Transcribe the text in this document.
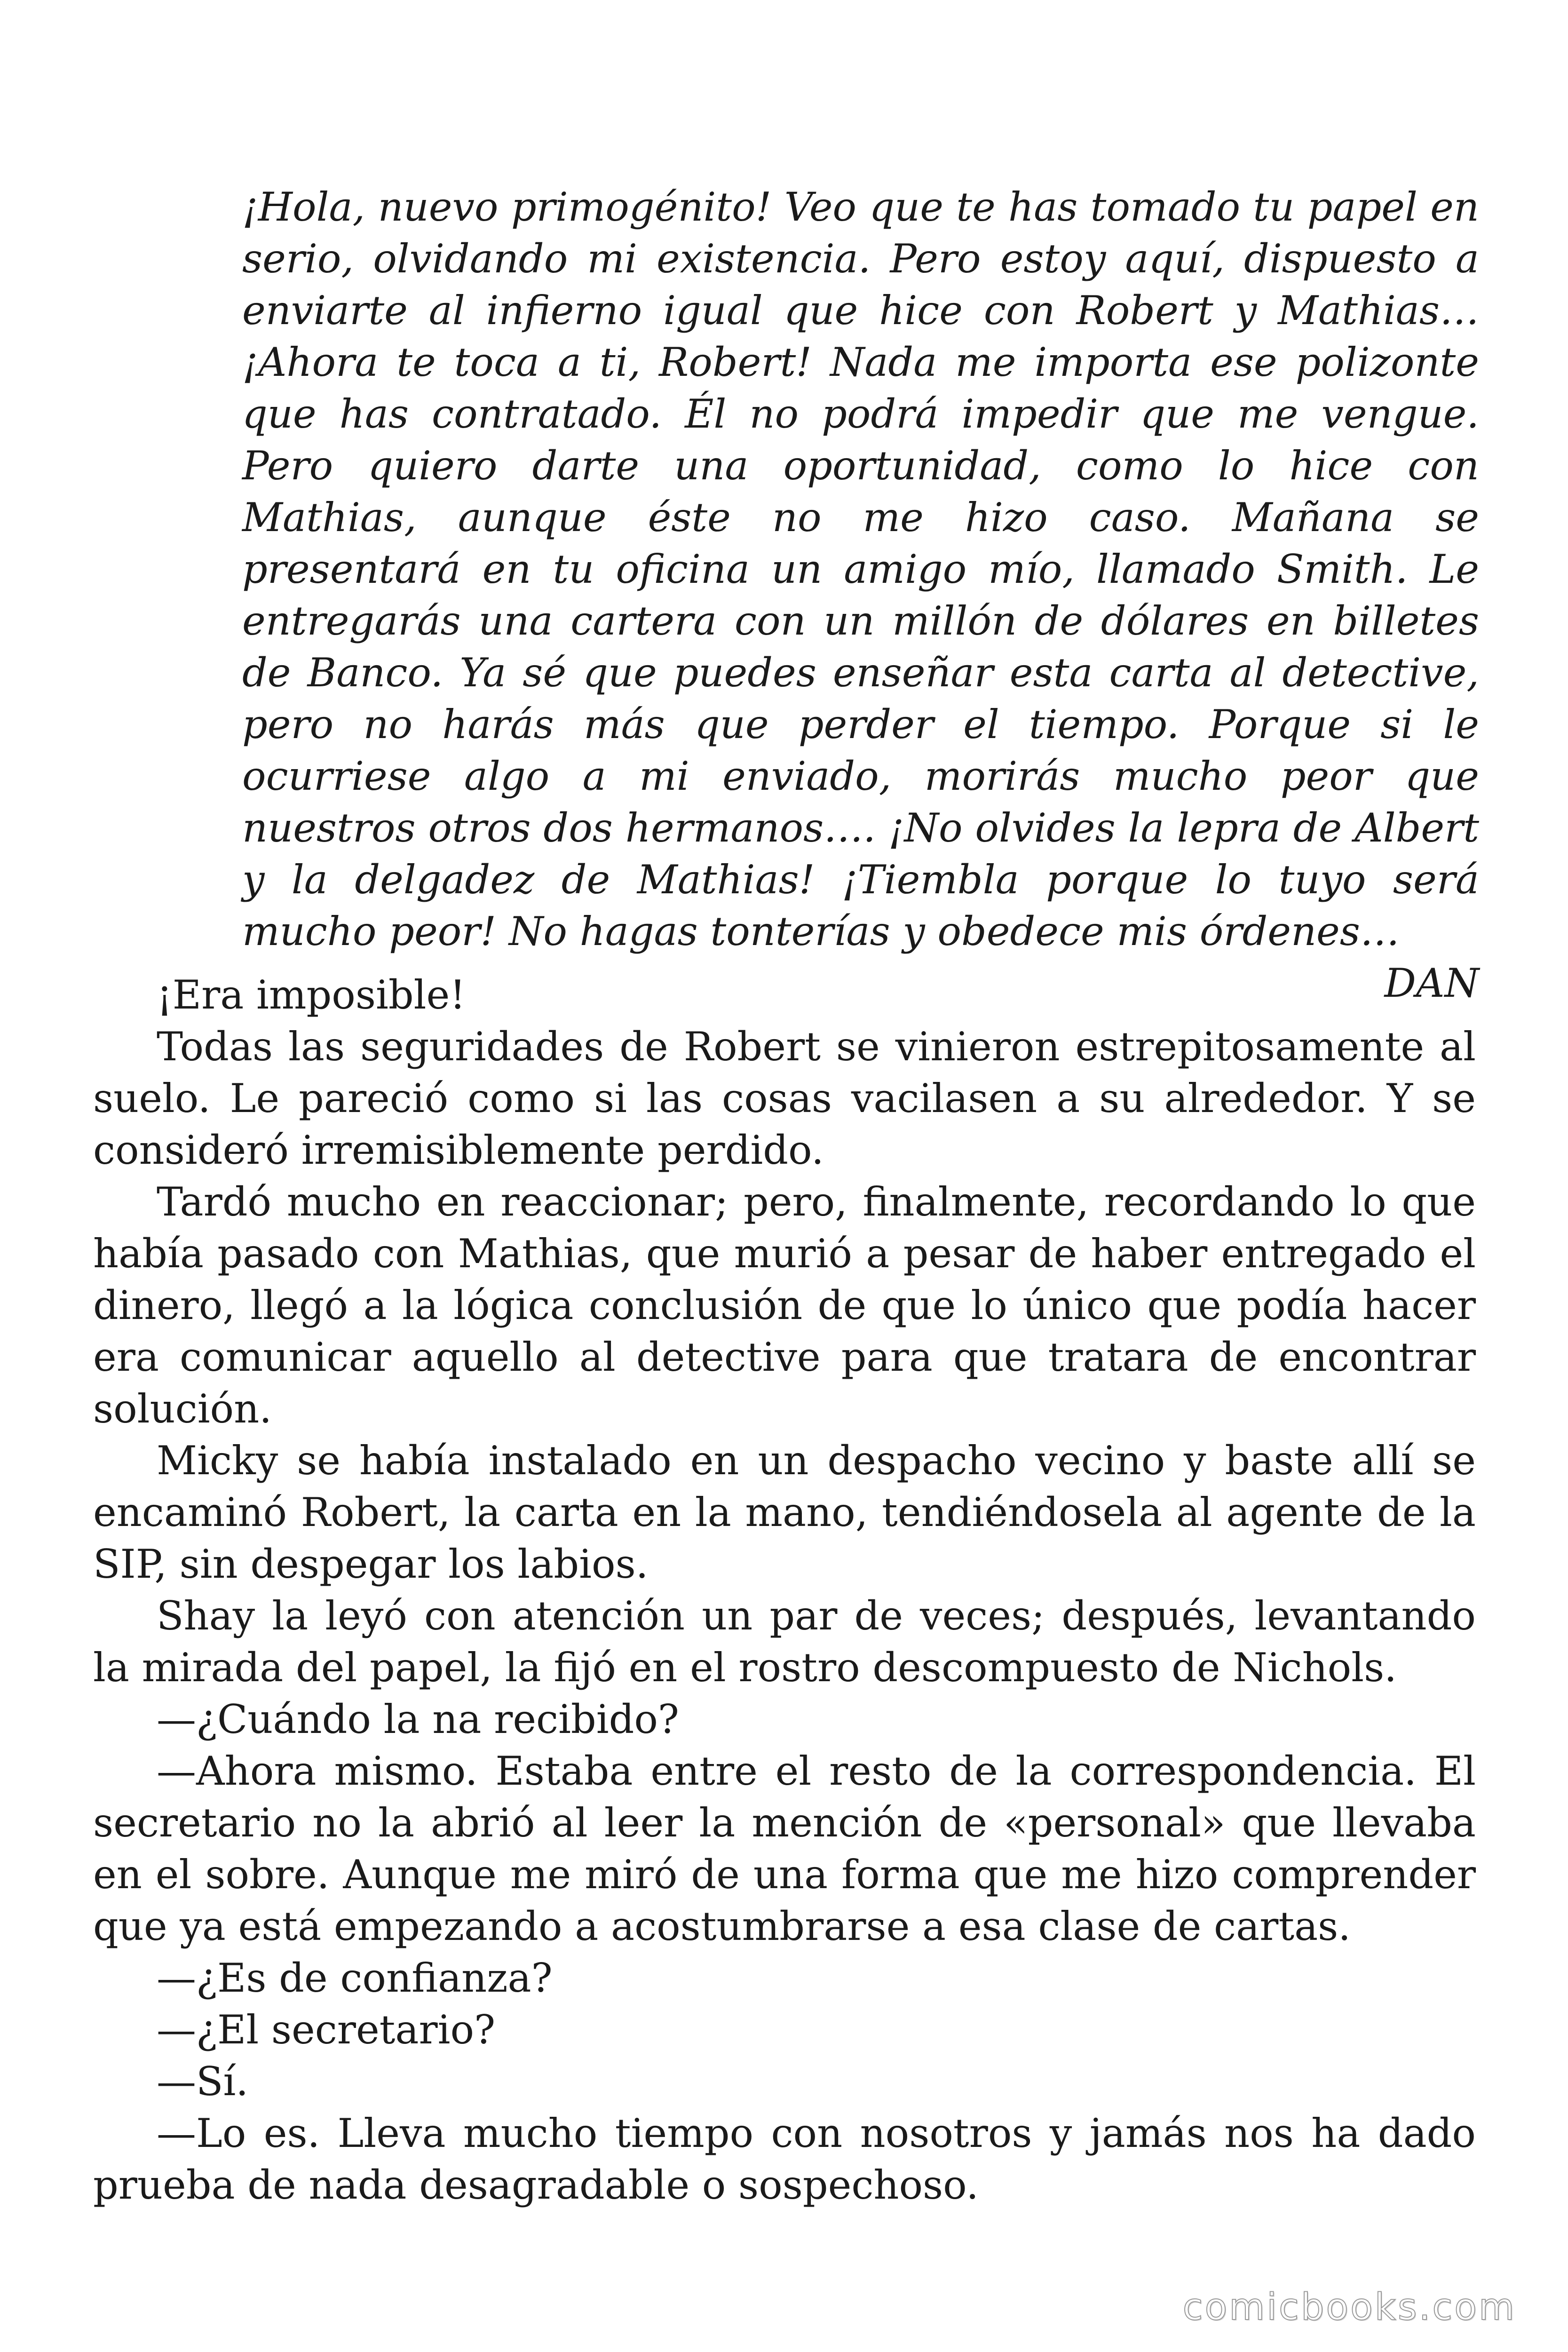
¡Hola, nuevo primogénito! Veo que te has tomado tu papel en serio, olvidando mi existencia. Pero estoy aquí, dispuesto a enviarte al infierno igual que hice con Robert y Mathias… ¡Ahora te toca a ti, Robert! Nada me importa ese polizonte que has contratado. Él no podrá impedir que me vengue. Pero quiero darte una oportunidad, como lo hice con Mathias, aunque éste no me hizo caso. Mañana se presentará en tu oficina un amigo mío, llamado Smith. Le entregarás una cartera con un millón de dólares en billetes de Banco. Ya sé que puedes enseñar esta carta al detective, pero no harás más que perder el tiempo. Porque si le ocurriese algo a mi enviado, morirás mucho peor que nuestros otros dos hermanos…. ¡No olvides la lepra de Albert y la delgadez de Mathias! ¡Tiembla porque lo tuyo será mucho peor! No hagas tonterías y obedece mis órdenes…

DAN

¡Era imposible!

Todas las seguridades de Robert se vinieron estrepitosamente al suelo. Le pareció como si las cosas vacilasen a su alrededor. Y se consideró irremisiblemente perdido.

Tardó mucho en reaccionar; pero, finalmente, recordando lo que había pasado con Mathias, que murió a pesar de haber entregado el dinero, llegó a la lógica conclusión de que lo único que podía hacer era comunicar aquello al detective para que tratara de encontrar solución.

Micky se había instalado en un despacho vecino y baste allí se encaminó Robert, la carta en la mano, tendiéndosela al agente de la SIP, sin despegar los labios.

Shay la leyó con atención un par de veces; después, levantando la mirada del papel, la fijó en el rostro descompuesto de Nichols.

—¿Cuándo la na recibido?

—Ahora mismo. Estaba entre el resto de la correspondencia. El secretario no la abrió al leer la mención de «personal» que llevaba en el sobre. Aunque me miró de una forma que me hizo comprender que ya está empezando a acostumbrarse a esa clase de cartas.

—¿Es de confianza?

—¿El secretario?

—Sí.

—Lo es. Lleva mucho tiempo con nosotros y jamás nos ha dado prueba de nada desagradable o sospechoso.

comicbooks.com
